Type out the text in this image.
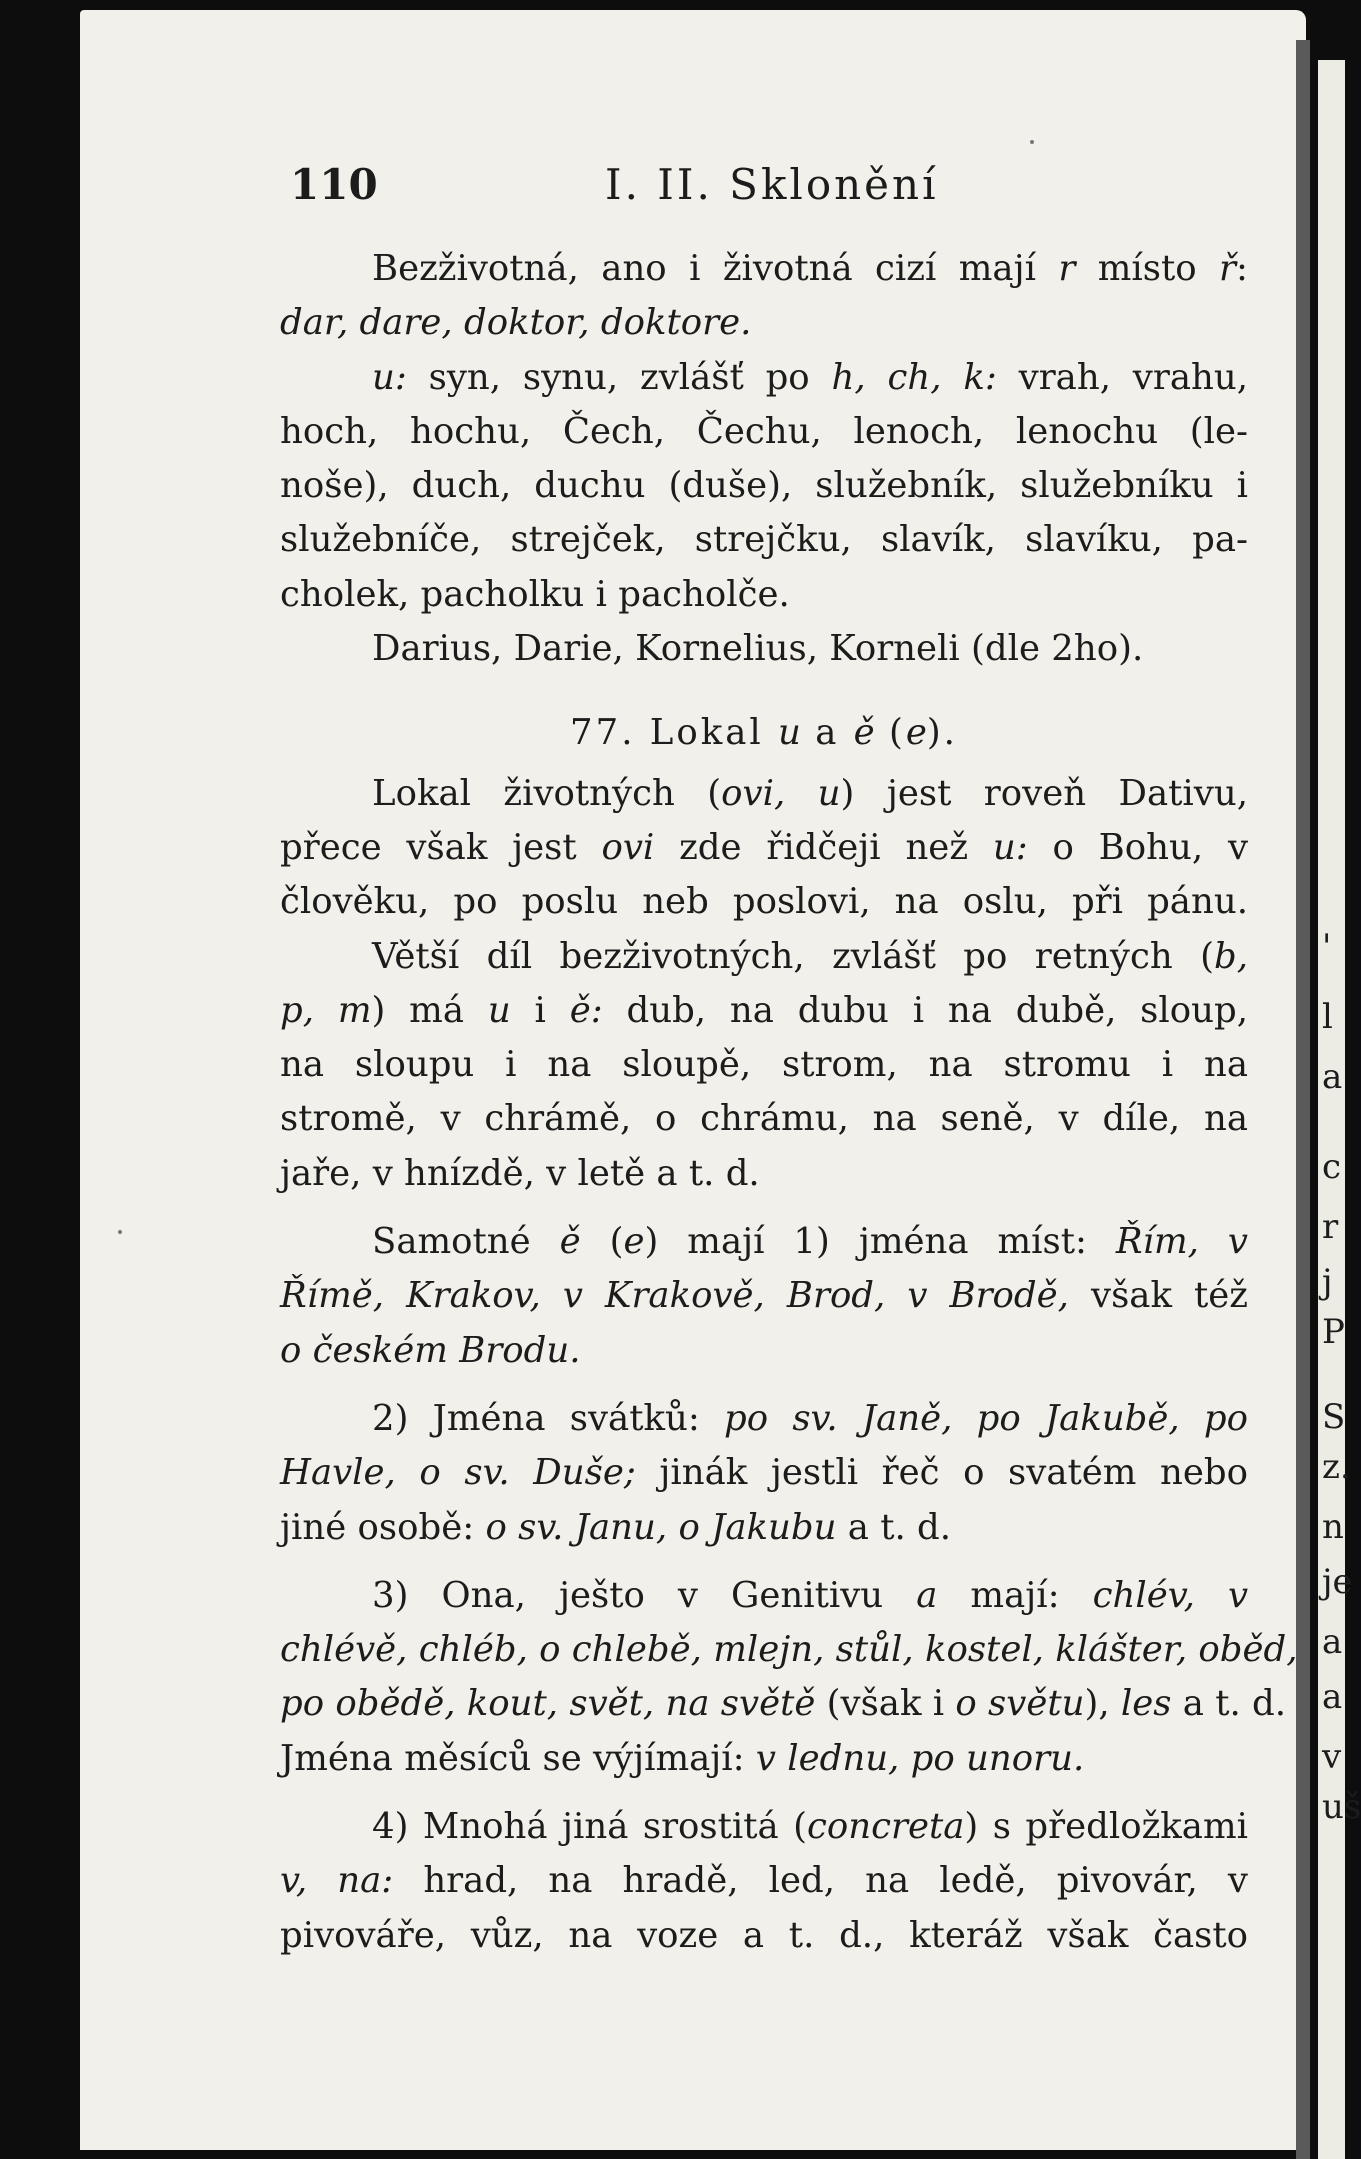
'
l
a
c
r
j
P
S
z.
n
je
a
a
v
uš
110	I. II. Sklonění
Bezživotná, ano i životná cizí mají r místo ř:
dar, dare, doktor, doktore.
u: syn, synu, zvlášť po h, ch, k: vrah, vrahu,
hoch, hochu, Čech, Čechu, lenoch, lenochu (le-
noše), duch, duchu (duše), služebník, služebníku i
služebníče, strejček, strejčku, slavík, slavíku, pa-
cholek, pacholku i pacholče.
Darius, Darie, Kornelius, Korneli (dle 2ho).
77. Lokal u a ě (e).
Lokal životných (ovi, u) jest roveň Dativu,
přece však jest ovi zde řidčeji než u: o Bohu, v
člověku, po poslu neb poslovi, na oslu, při pánu.
Větší díl bezživotných, zvlášť po retných (b,
p, m) má u i ě: dub, na dubu i na dubě, sloup,
na sloupu i na sloupě, strom, na stromu i na
stromě, v chrámě, o chrámu, na seně, v díle, na
jaře, v hnízdě, v letě a t. d.
Samotné ě (e) mají 1) jména míst: Řím, v
Římě, Krakov, v Krakově, Brod, v Brodě, však též
o českém Brodu.
2) Jména svátků: po sv. Janě, po Jakubě, po
Havle, o sv. Duše; jinák jestli řeč o svatém nebo
jiné osobě: o sv. Janu, o Jakubu a t. d.
3) Ona, ješto v Genitivu a mají: chlév, v
chlévě, chléb, o chlebě, mlejn, stůl, kostel, klášter, oběd,
po obědě, kout, svět, na světě (však i o světu), les a t. d.
Jména měsíců se výjímají: v lednu, po unoru.
4) Mnohá jiná srostitá (concreta) s předložkami
v, na: hrad, na hradě, led, na ledě, pivovár, v
pivováře, vůz, na voze a t. d., kteráž však často
